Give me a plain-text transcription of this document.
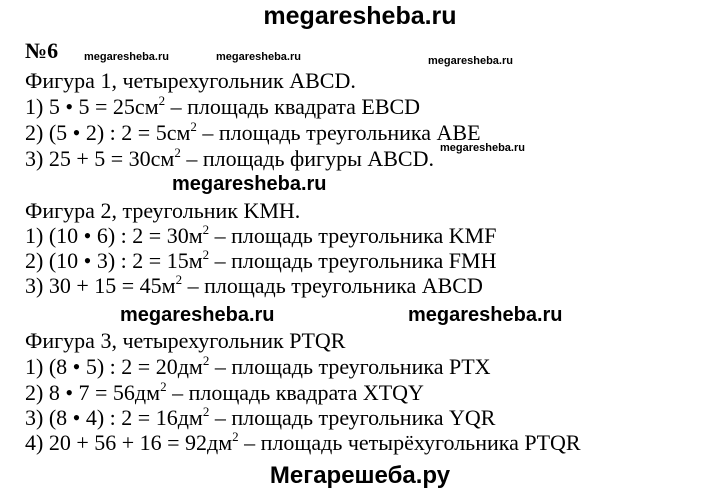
megaresheba.ru
№6 megaresheba.ru	megaresheba.ru	megaresheba.ru
megaresheba.ru
megaresheba.ru
megaresheba.ru	megaresheba.ru
Фигура 1, четырехугольник ABCD.
1) 5 • $5 = 25см^2$ – площадь квадрата EBCD
2) (5 • 2) : $2 = 5см^2$ – площадь треугольника ABE
3) $25 + 5 = 30см^2$ – площадь фигуры ABCD.
Фигура 2, треугольник KMH.
1) (10 • 6) : $2 = 30м^2$ – площадь треугольника KMF
2) (10 • 3) : $2 = 15м^2$ – площадь треугольника FMH
3) $30 + 15 = 45м^2$ – площадь треугольника ABCD
Фигура 3, четырехугольник PTQR
1) (8 • 5) : $2 = 20дм^2$ – площадь треугольника PTX
2) 8 • $7 = 56дм^2$ – площадь квадрата XTQY
3) (8 • 4) : $2 = 16дм^2$ – площадь треугольника YQR
4) $20 + 56 + 16 = 92дм^2$ – площадь четырёхугольника PTQR
Мегарешеба.ру
